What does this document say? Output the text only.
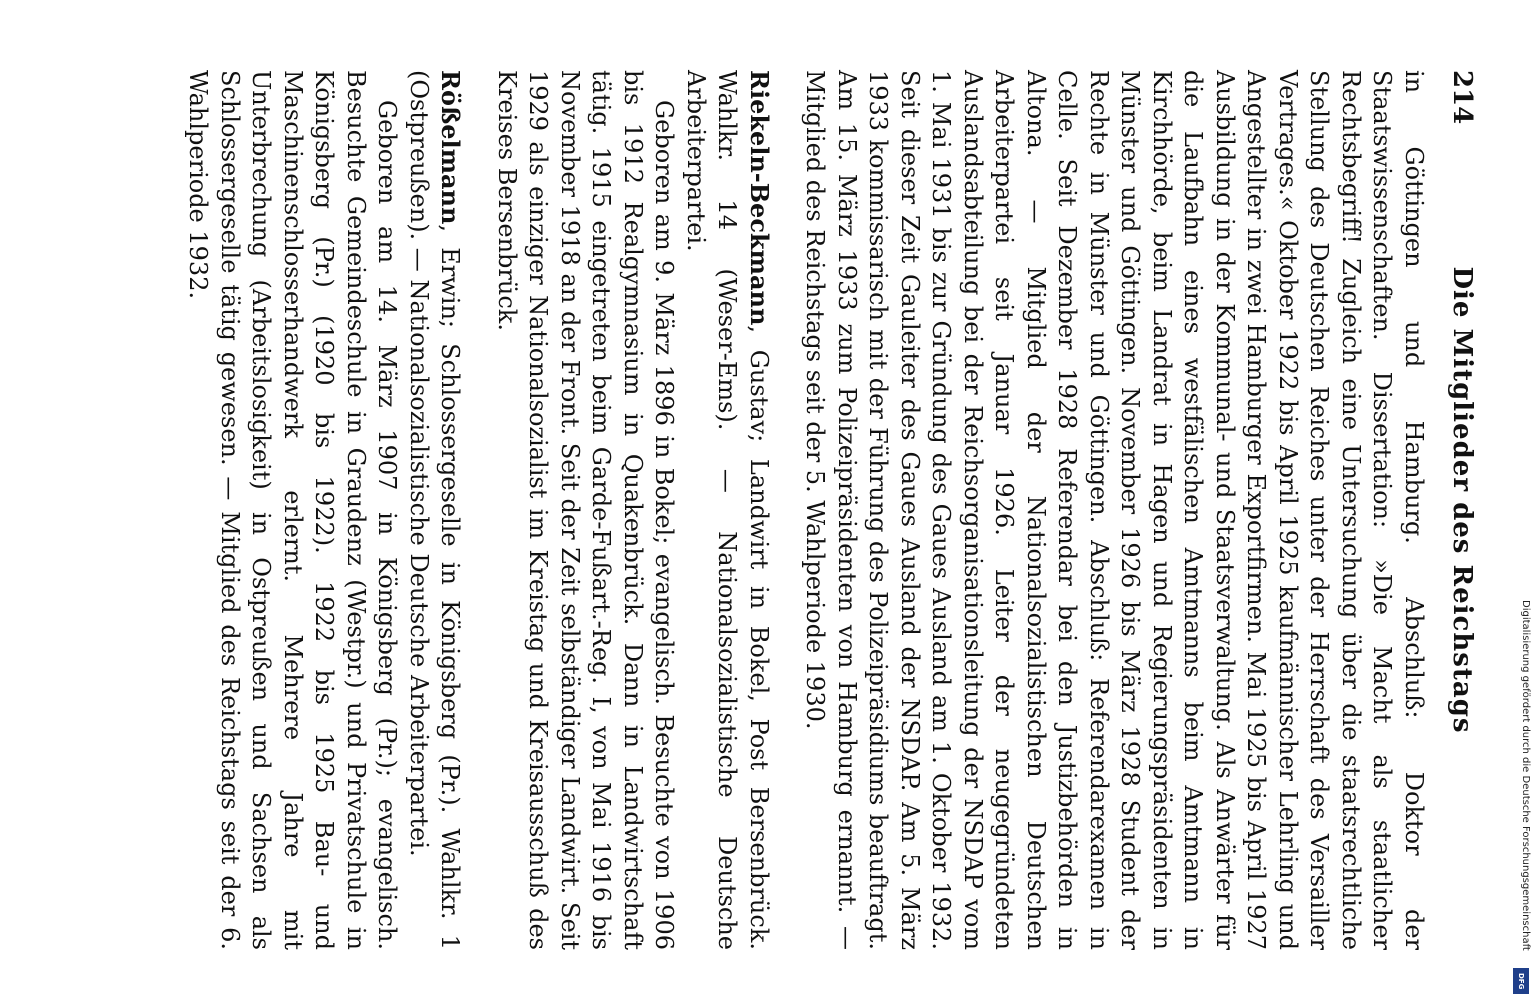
214
Die Mitglieder des Reichstags

in Göttingen und Hamburg. Abschluß: Doktor der Staatswissenschaften. Dissertation: »Die Macht als staatlicher Rechtsbegriff! Zugleich eine Untersuchung über die staatsrechtliche Stellung des Deutschen Reiches unter der Herrschaft des Versailler Vertrages.« Oktober 1922 bis April 1925 kaufmännischer Lehrling und Angestellter in zwei Hamburger Exportfirmen. Mai 1925 bis April 1927 Ausbildung in der Kommunal- und Staatsverwaltung. Als Anwärter für die Laufbahn eines westfälischen Amtmanns beim Amtmann in Kirchhörde, beim Landrat in Hagen und Regierungspräsidenten in Münster und Göttingen. November 1926 bis März 1928 Student der Rechte in Münster und Göttingen. Abschluß: Referendarexamen in Celle. Seit Dezember 1928 Referendar bei den Justizbehörden in Altona. — Mitglied der Nationalsozialistischen Deutschen Arbeiterpartei seit Januar 1926. Leiter der neugegründeten Auslandsabteilung bei der Reichsorganisationsleitung der NSDAP vom 1. Mai 1931 bis zur Gründung des Gaues Ausland am 1. Oktober 1932. Seit dieser Zeit Gauleiter des Gaues Ausland der NSDAP. Am 5. März 1933 kommissarisch mit der Führung des Polizeipräsidiums beauftragt. Am 15. März 1933 zum Polizeipräsidenten von Hamburg ernannt. — Mitglied des Reichstags seit der 5. Wahlperiode 1930.

Riekeln-Beckmann, Gustav; Landwirt in Bokel, Post Bersenbrück. Wahlkr. 14 (Weser-Ems). — Nationalsozialistische Deutsche Arbeiterpartei.

Geboren am 9. März 1896 in Bokel; evangelisch. Besuchte von 1906 bis 1912 Realgymnasium in Quakenbrück. Dann in Landwirtschaft tätig. 1915 eingetreten beim Garde-Fußart.-Reg. I, von Mai 1916 bis November 1918 an der Front. Seit der Zeit selbständiger Landwirt. Seit 1929 als einziger Nationalsozialist im Kreistag und Kreisausschuß des Kreises Bersenbrück.

Rößelmann, Erwin; Schlossergeselle in Königsberg (Pr.). Wahlkr. 1 (Ostpreußen). — Nationalsozialistische Deutsche Arbeiterpartei.

Geboren am 14. März 1907 in Königsberg (Pr.); evangelisch. Besuchte Gemeindeschule in Graudenz (Westpr.) und Privatschule in Königsberg (Pr.) (1920 bis 1922). 1922 bis 1925 Bau- und Maschinenschlosserhandwerk erlernt. Mehrere Jahre mit Unterbrechung (Arbeitslosigkeit) in Ostpreußen und Sachsen als Schlossergeselle tätig gewesen. — Mitglied des Reichstags seit der 6. Wahlperiode 1932.

Digitalisierung gefördert durch die Deutsche Forschungsgemeinschaft
DFG
